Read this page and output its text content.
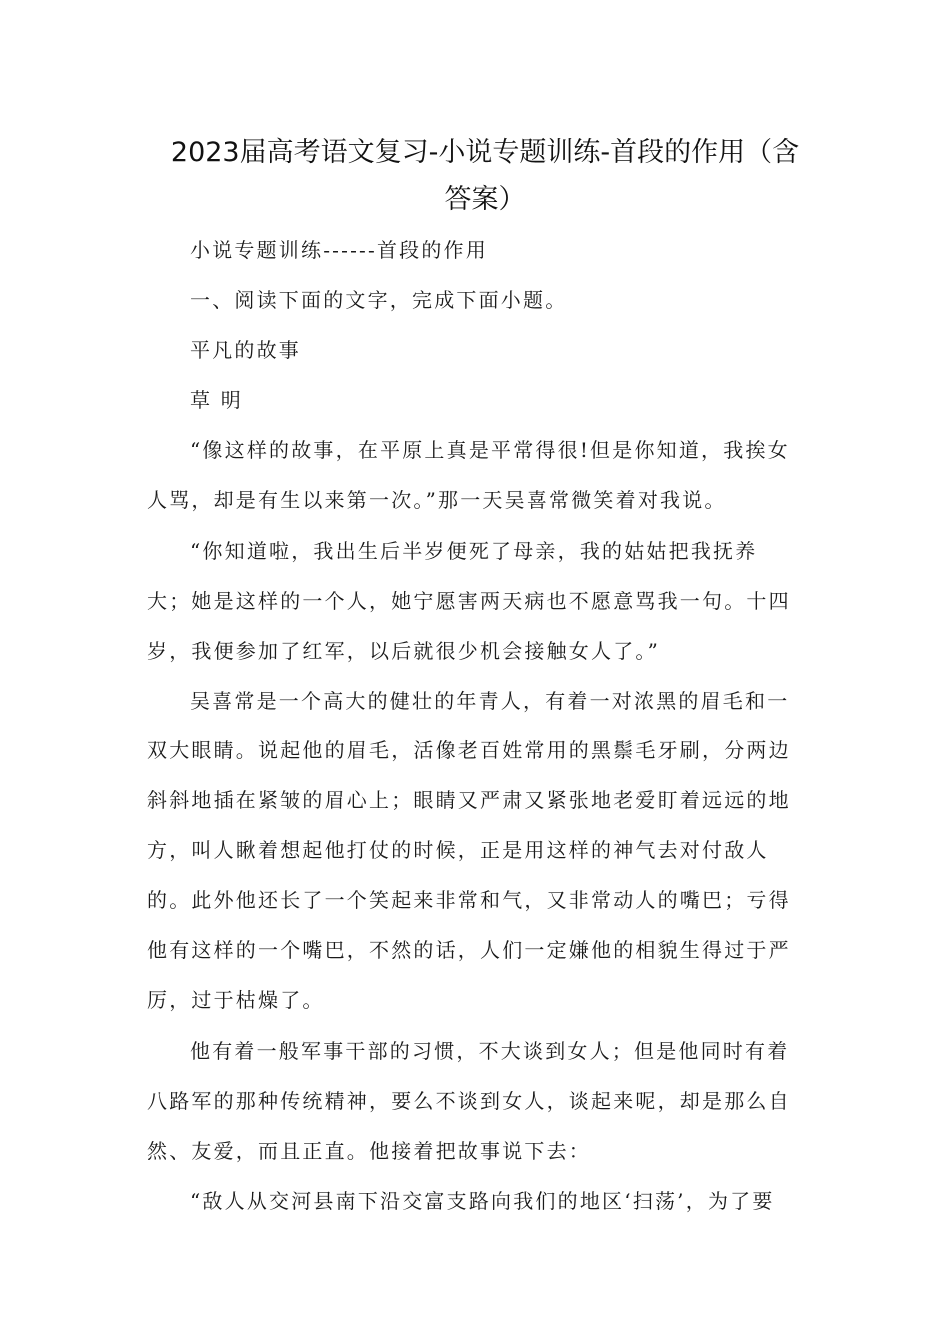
2023届高考语文复习-小说专题训练-首段的作用（含
答案）
小说专题训练------首段的作用
一、阅读下面的文字，完成下面小题。
平凡的故事
草 明
“像这样的故事，在平原上真是平常得很!但是你知道，我挨女
人骂，却是有生以来第一次。”那一天吴喜常微笑着对我说。
“你知道啦，我出生后半岁便死了母亲，我的姑姑把我抚养
大；她是这样的一个人，她宁愿害两天病也不愿意骂我一句。十四
岁，我便参加了红军，以后就很少机会接触女人了。”
吴喜常是一个高大的健壮的年青人，有着一对浓黑的眉毛和一
双大眼睛。说起他的眉毛，活像老百姓常用的黑鬃毛牙刷，分两边
斜斜地插在紧皱的眉心上；眼睛又严肃又紧张地老爱盯着远远的地
方，叫人瞅着想起他打仗的时候，正是用这样的神气去对付敌人
的。此外他还长了一个笑起来非常和气，又非常动人的嘴巴；亏得
他有这样的一个嘴巴，不然的话，人们一定嫌他的相貌生得过于严
厉，过于枯燥了。
他有着一般军事干部的习惯，不大谈到女人；但是他同时有着
八路军的那种传统精神，要么不谈到女人，谈起来呢，却是那么自
然、友爱，而且正直。他接着把故事说下去：
“敌人从交河县南下沿交富支路向我们的地区‘扫荡’，为了要
